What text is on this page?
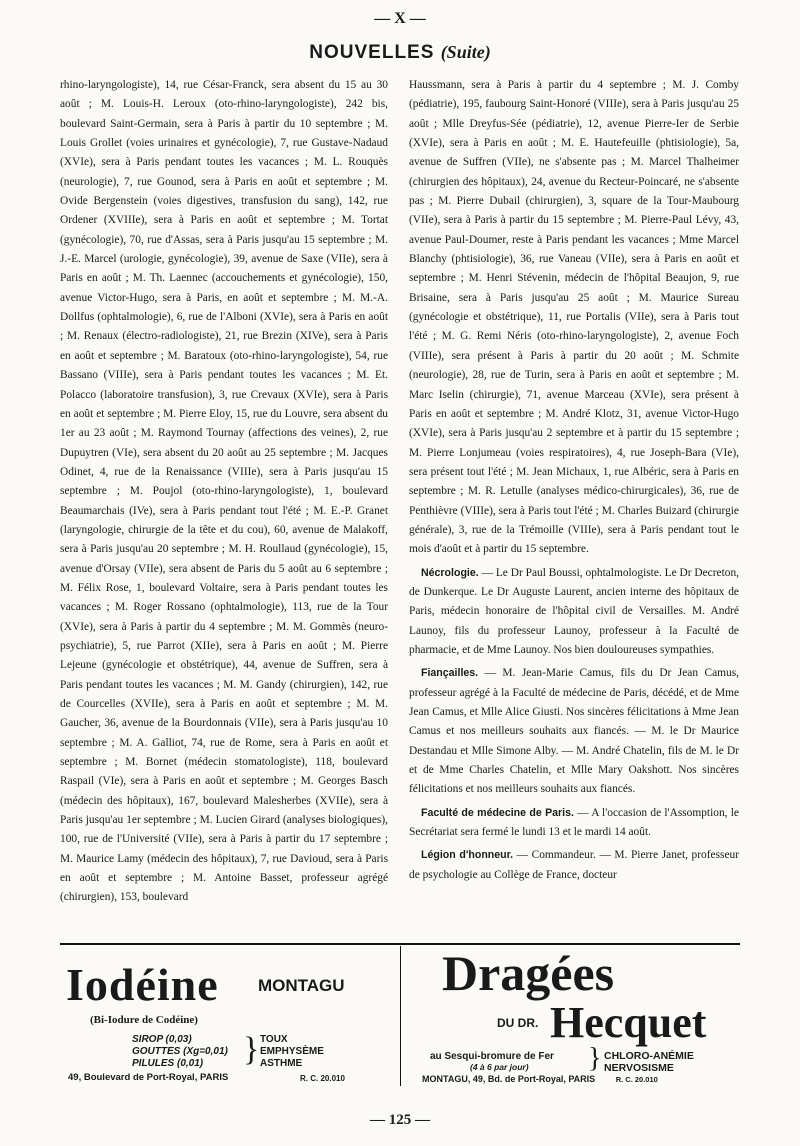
— X —
NOUVELLES (Suite)

rhino-laryngologiste), 14, rue César-Franck, sera absent du 15 au 30 août ; M. Louis-H. Leroux (oto-rhino-laryngologiste), 242 bis, boulevard Saint-Germain, sera à Paris à partir du 10 septembre ; M. Louis Grollet (voies urinaires et gynécologie), 7, rue Gustave-Nadaud (XVIe), sera à Paris pendant toutes les vacances ; M. L. Rouquès (neurologie), 7, rue Gounod, sera à Paris en août et septembre ; M. Ovide Bergenstein (voies digestives, transfusion du sang), 142, rue Ordener (XVIIIe), sera à Paris en août et septembre ; M. Tortat (gynécologie), 70, rue d'Assas, sera à Paris jusqu'au 15 septembre ; M. J.-E. Marcel (urologie, gynécologie), 39, avenue de Saxe (VIIe), sera à Paris en août ; M. Th. Laennec (accouchements et gynécologie), 150, avenue Victor-Hugo, sera à Paris, en août et septembre ; M. M.-A. Dollfus (ophtalmologie), 6, rue de l'Alboni (XVIe), sera à Paris en août ; M. Renaux (électro-radiologiste), 21, rue Brezin (XIVe), sera à Paris en août et septembre ; M. Baratoux (oto-rhino-laryngologiste), 54, rue Bassano (VIIIe), sera à Paris pendant toutes les vacances ; M. Et. Polacco (laboratoire transfusion), 3, rue Crevaux (XVIe), sera à Paris en août et septembre ; M. Pierre Eloy, 15, rue du Louvre, sera absent du 1er au 23 août ; M. Raymond Tournay (affections des veines), 2, rue Dupuytren (VIe), sera absent du 20 août au 25 septembre ; M. Jacques Odinet, 4, rue de la Renaissance (VIIIe), sera à Paris jusqu'au 15 septembre ; M. Poujol (oto-rhino-laryngologiste), 1, boulevard Beaumarchais (IVe), sera à Paris pendant tout l'été ; M. E.-P. Granet (laryngologie, chirurgie de la tête et du cou), 60, avenue de Malakoff, sera à Paris jusqu'au 20 septembre ; M. H. Roullaud (gynécologie), 15, avenue d'Orsay (VIIe), sera absent de Paris du 5 août au 6 septembre ; M. Félix Rose, 1, boulevard Voltaire, sera à Paris pendant toutes les vacances ; M. Roger Rossano (ophtalmologie), 113, rue de la Tour (XVIe), sera à Paris à partir du 4 septembre ; M. M. Gommès (neuro-psychiatrie), 5, rue Parrot (XIIe), sera à Paris en août ; M. Pierre Lejeune (gynécologie et obstétrique), 44, avenue de Suffren, sera à Paris pendant toutes les vacances ; M. M. Gandy (chirurgien), 142, rue de Courcelles (XVIIe), sera à Paris en août et septembre ; M. M. Gaucher, 36, avenue de la Bourdonnais (VIIe), sera à Paris jusqu'au 10 septembre ; M. A. Galliot, 74, rue de Rome, sera à Paris en août et septembre ; M. Bornet (médecin stomatologiste), 118, boulevard Raspail (VIe), sera à Paris en août et septembre ; M. Georges Basch (médecin des hôpitaux), 167, boulevard Malesherbes (XVIIe), sera à Paris jusqu'au 1er septembre ; M. Lucien Girard (analyses biologiques), 100, rue de l'Université (VIIe), sera à Paris à partir du 17 septembre ; M. Maurice Lamy (médecin des hôpitaux), 7, rue Davioud, sera à Paris en août et septembre ; M. Antoine Basset, professeur agrégé (chirurgien), 153, boulevard

Haussmann, sera à Paris à partir du 4 septembre ; M. J. Comby (pédiatrie), 195, faubourg Saint-Honoré (VIIIe), sera à Paris jusqu'au 25 août ; Mlle Dreyfus-Sée (pédiatrie), 12, avenue Pierre-Ier de Serbie (XVIe), sera à Paris en août ; M. E. Hautefeuille (phtisiologie), 5a, avenue de Suffren (VIIe), ne s'absente pas ; M. Marcel Thalheimer (chirurgien des hôpitaux), 24, avenue du Recteur-Poincaré, ne s'absente pas ; M. Pierre Dubail (chirurgien), 3, square de la Tour-Maubourg (VIIe), sera à Paris à partir du 15 septembre ; M. Pierre-Paul Lévy, 43, avenue Paul-Doumer, reste à Paris pendant les vacances ; Mme Marcel Blanchy (phtisiologie), 36, rue Vaneau (VIIe), sera à Paris en août et septembre ; M. Henri Stévenin, médecin de l'hôpital Beaujon, 9, rue Brisaine, sera à Paris jusqu'au 25 août ; M. Maurice Sureau (gynécologie et obstétrique), 11, rue Portalis (VIIe), sera à Paris tout l'été ; M. G. Remi Néris (oto-rhino-laryngologiste), 2, avenue Foch (VIIIe), sera présent à Paris à partir du 20 août ; M. Schmite (neurologie), 28, rue de Turin, sera à Paris en août et septembre ; M. Marc Iselin (chirurgie), 71, avenue Marceau (XVIe), sera présent à Paris en août et septembre ; M. André Klotz, 31, avenue Victor-Hugo (XVIe), sera à Paris jusqu'au 2 septembre et à partir du 15 septembre ; M. Pierre Lonjumeau (voies respiratoires), 4, rue Joseph-Bara (VIe), sera présent tout l'été ; M. Jean Michaux, 1, rue Albéric, sera à Paris en septembre ; M. R. Letulle (analyses médico-chirurgicales), 36, rue de Penthièvre (VIIIe), sera à Paris tout l'été ; M. Charles Buizard (chirurgie générale), 3, rue de la Trémoille (VIIIe), sera à Paris pendant tout le mois d'août et à partir du 15 septembre.

Nécrologie. — Le Dr Paul Boussi, ophtalmologiste. Le Dr Decreton, de Dunkerque. Le Dr Auguste Laurent, ancien interne des hôpitaux de Paris, médecin honoraire de l'hôpital civil de Versailles. M. André Launoy, fils du professeur Launoy, professeur à la Faculté de pharmacie, et de Mme Launoy. Nos bien douloureuses sympathies.

Fiançailles. — M. Jean-Marie Camus, fils du Dr Jean Camus, professeur agrégé à la Faculté de médecine de Paris, décédé, et de Mme Jean Camus, et Mlle Alice Giusti. Nos sincères félicitations à Mme Jean Camus et nos meilleurs souhaits aux fiancés. — M. le Dr Maurice Destandau et Mlle Simone Alby. — M. André Chatelin, fils de M. le Dr et de Mme Charles Chatelin, et Mlle Mary Oakshott. Nos sincères félicitations et nos meilleurs souhaits aux fiancés.

Faculté de médecine de Paris. — A l'occasion de l'Assomption, le Secrétariat sera fermé le lundi 13 et le mardi 14 août.

Légion d'honneur. — Commandeur. — M. Pierre Janet, professeur de psychologie au Collège de France, docteur

Iodéine MONTAGU
(Bi-Iodure de Codéine)
SIROP (0,03)
GOUTTES (Xg=0,01)
PILULES (0,01)	} TOUX
EMPHYSÈME
ASTHME
49, Boulevard de Port-Royal, PARIS	R. C. 20.010
Dragées
DU DR. Hecquet
au Sesqui-bromure de Fer
(4 à 6 par jour)	} CHLORO-ANÉMIE
NERVOSISME
MONTAGU, 49, Bd. de Port-Royal, PARIS	R. C. 20.010
— 125 —
